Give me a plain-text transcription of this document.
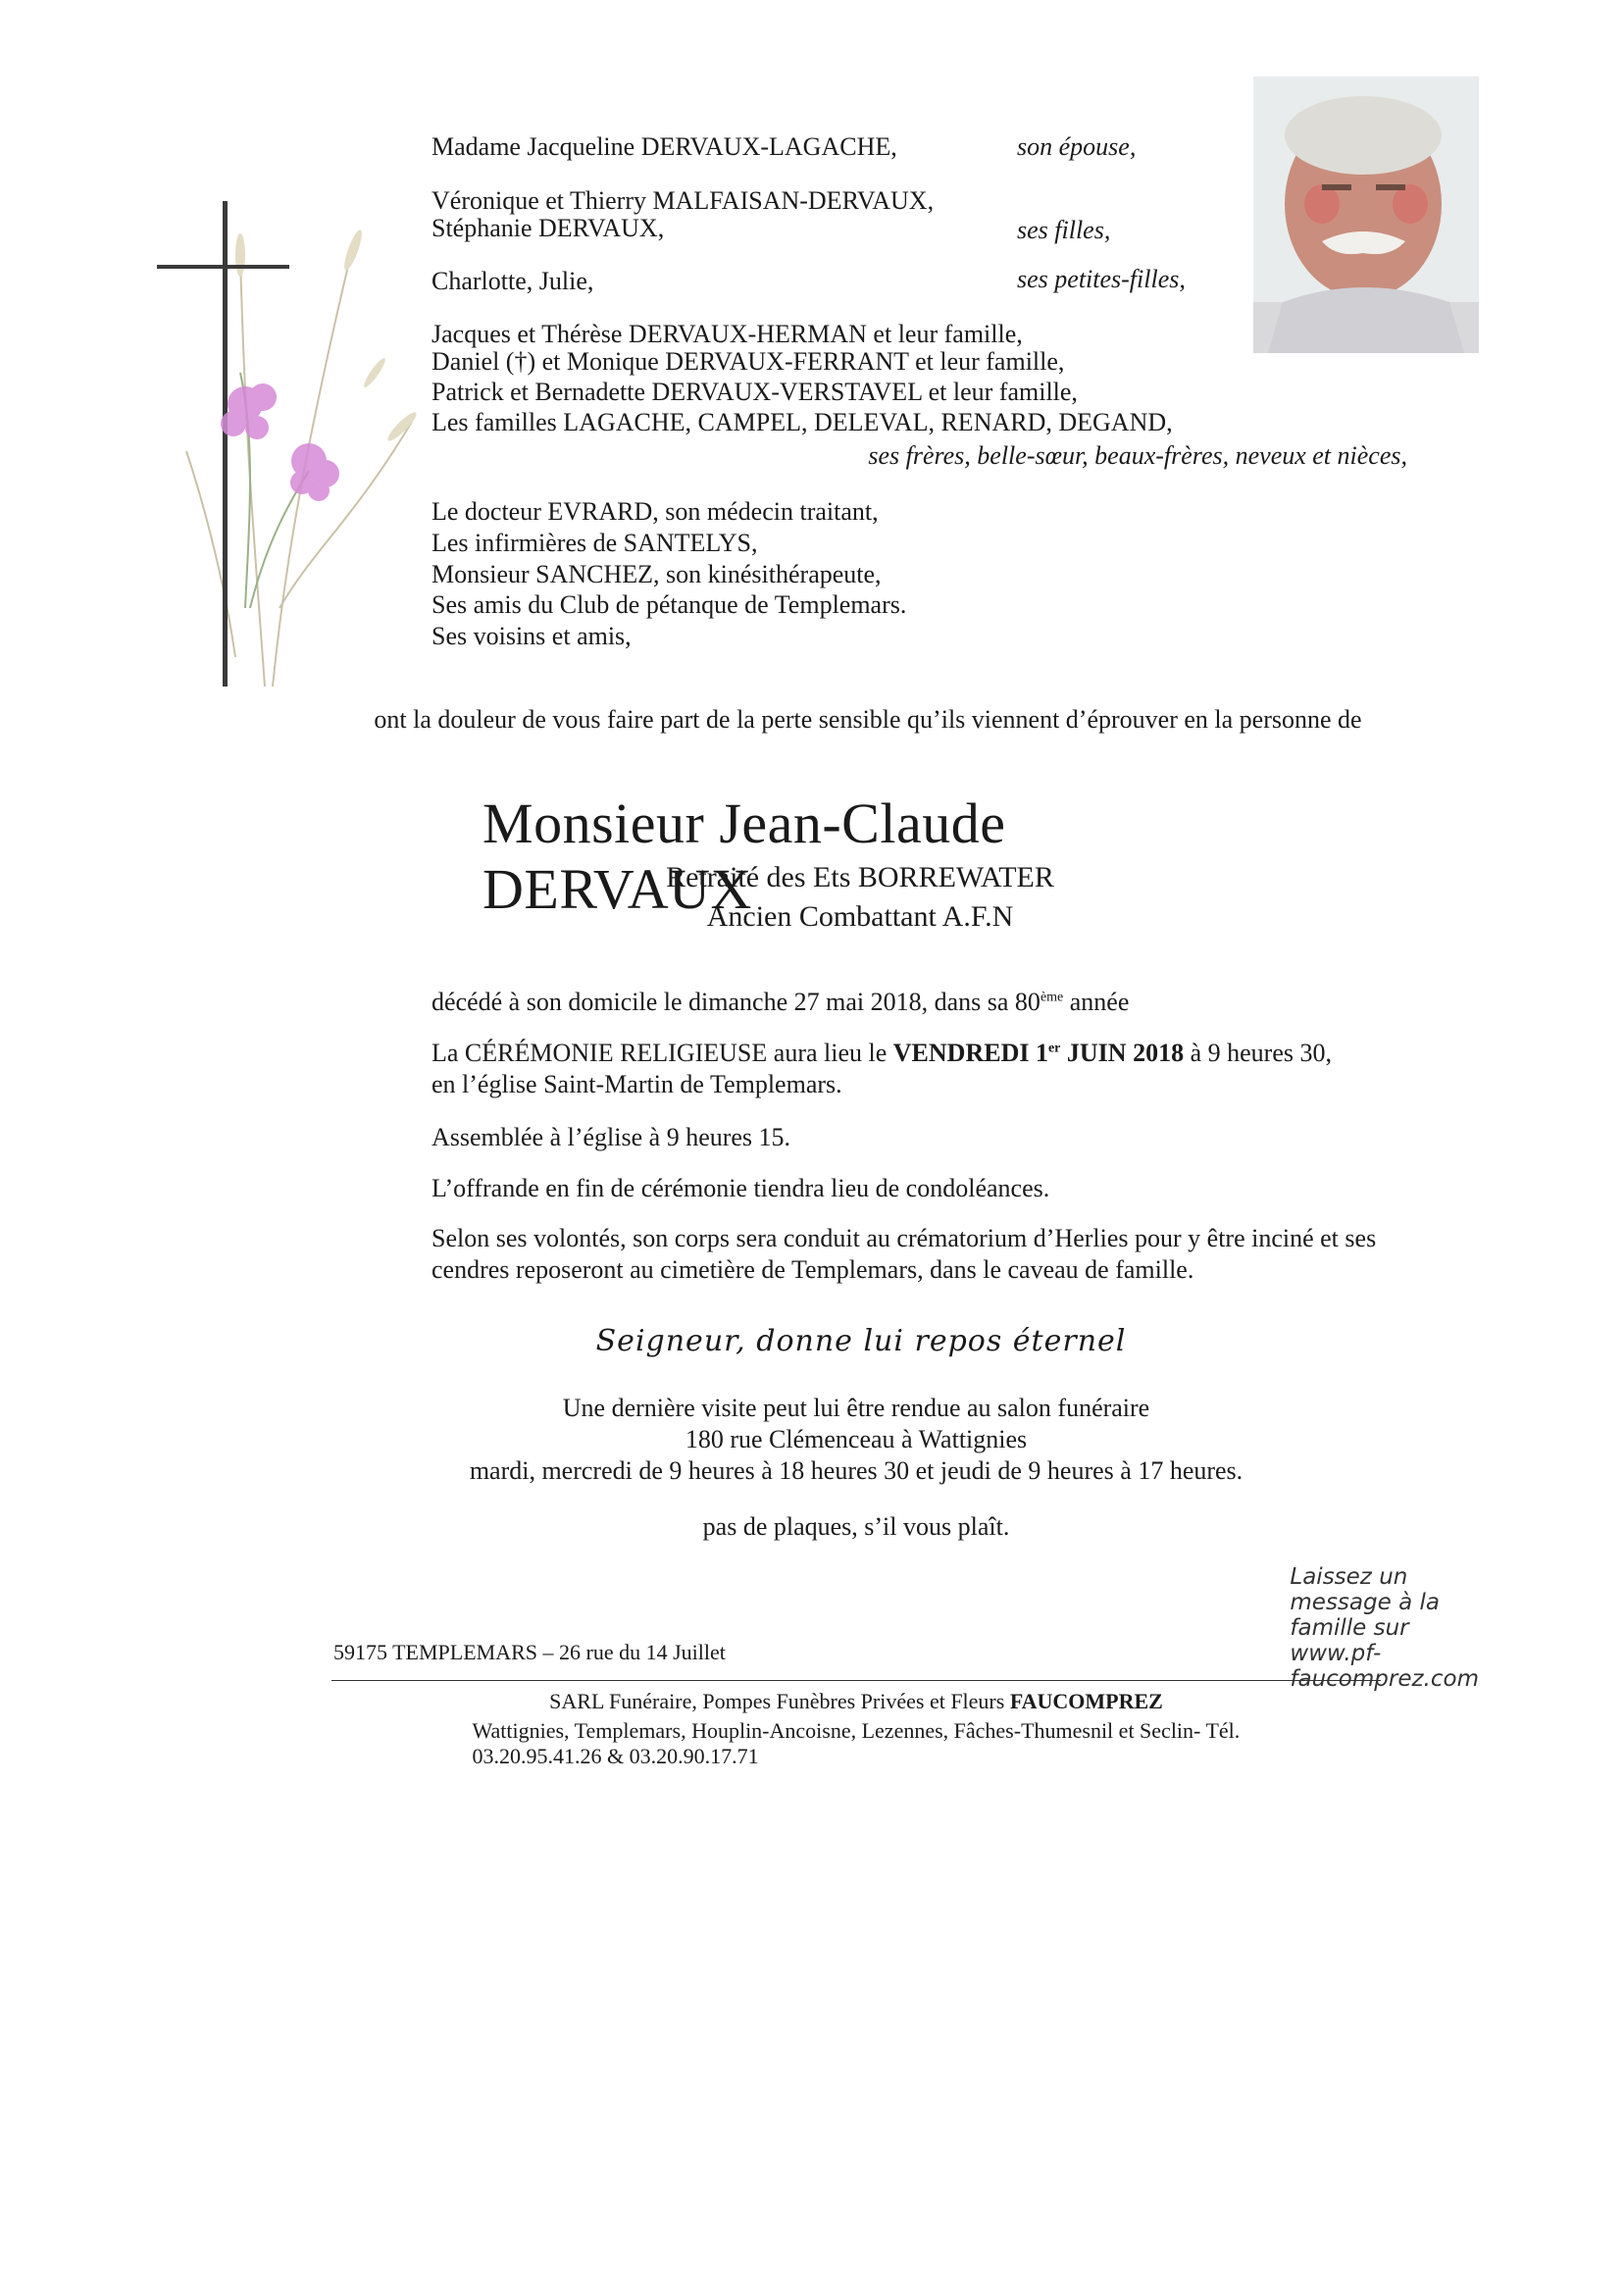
Madame Jacqueline DERVAUX-LAGACHE,	son épouse,
Véronique et Thierry MALFAISAN-DERVAUX,
Stéphanie DERVAUX,	ses filles,
Charlotte, Julie,	ses petites-filles,
Jacques et Thérèse DERVAUX-HERMAN et leur famille,
Daniel (†) et Monique DERVAUX-FERRANT et leur famille,
Patrick et Bernadette DERVAUX-VERSTAVEL et leur famille,
Les familles LAGACHE, CAMPEL, DELEVAL, RENARD, DEGAND,
ses frères, belle-sœur, beaux-frères, neveux et nièces,
Le docteur EVRARD, son médecin traitant,
Les infirmières de SANTELYS,
Monsieur SANCHEZ, son kinésithérapeute,
Ses amis du Club de pétanque de Templemars.
Ses voisins et amis,
ont la douleur de vous faire part de la perte sensible qu’ils viennent d’éprouver en la personne de
Monsieur Jean-Claude DERVAUX
Retraité des Ets BORREWATER
Ancien Combattant A.F.N
décédé à son domicile le dimanche 27 mai 2018, dans sa 80ème année
La CÉRÉMONIE RELIGIEUSE aura lieu le VENDREDI 1er JUIN 2018 à 9 heures 30,
en l’église Saint-Martin de Templemars.
Assemblée à l’église à 9 heures 15.
L’offrande en fin de cérémonie tiendra lieu de condoléances.
Selon ses volontés, son corps sera conduit au crématorium d’Herlies pour y être inciné et ses
cendres reposeront au cimetière de Templemars, dans le caveau de famille.
Seigneur, donne lui repos éternel
Une dernière visite peut lui être rendue au salon funéraire
180 rue Clémenceau à Wattignies
mardi, mercredi de 9 heures à 18 heures 30 et jeudi de 9 heures à 17 heures.
pas de plaques, s’il vous plaît.
Laissez un message à la famille sur www.pf-faucomprez.com
59175 TEMPLEMARS – 26 rue du 14 Juillet
SARL Funéraire, Pompes Funèbres Privées et Fleurs FAUCOMPREZ
Wattignies, Templemars, Houplin-Ancoisne, Lezennes, Fâches-Thumesnil et Seclin- Tél. 03.20.95.41.26 & 03.20.90.17.71
